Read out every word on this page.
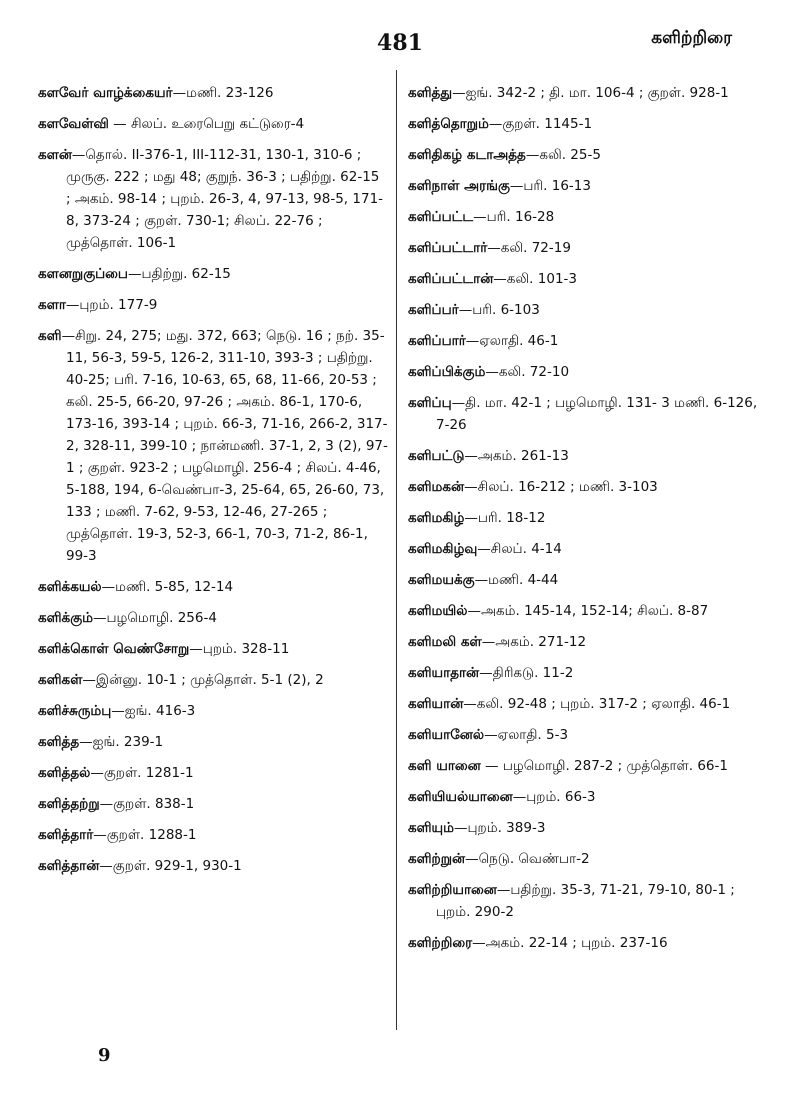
481	களிற்றிரை
களவேர் வாழ்க்கையர்—மணி. 23-126
களவேள்வி — சிலப். உரைபெறு கட்டுரை-4
களன்—தொல். II-376-1, III-112-31, 130-1, 310-6 ; முருகு. 222 ; மது 48; குறுந். 36-3 ; பதிற்று. 62-15 ; அகம். 98-14 ; புறம். 26-3, 4, 97-13, 98-5, 171-8, 373-24 ; குறள். 730-1; சிலப். 22-76 ; முத்தொள். 106-1
களனறுகுப்பை—பதிற்று. 62-15
களா—புறம். 177-9
களி—சிறு. 24, 275; மது. 372, 663; நெடு. 16 ; நற். 35-11, 56-3, 59-5, 126-2, 311-10, 393-3 ; பதிற்று. 40-25; பரி. 7-16, 10-63, 65, 68, 11-66, 20-53 ; கலி. 25-5, 66-20, 97-26 ; அகம். 86-1, 170-6, 173-16, 393-14 ; புறம். 66-3, 71-16, 266-2, 317-2, 328-11, 399-10 ; நான்மணி. 37-1, 2, 3 (2), 97-1 ; குறள். 923-2 ; பழமொழி. 256-4 ; சிலப். 4-46, 5-188, 194, 6-வெண்பா-3, 25-64, 65, 26-60, 73, 133 ; மணி. 7-62, 9-53, 12-46, 27-265 ; முத்தொள். 19-3, 52-3, 66-1, 70-3, 71-2, 86-1, 99-3
களிக்கயல்—மணி. 5-85, 12-14
களிக்கும்—பழமொழி. 256-4
களிக்கொள் வெண்சோறு—புறம். 328-11
களிகள்—இன்னு. 10-1 ; முத்தொள். 5-1 (2), 2
களிச்சுரும்பு—ஐங். 416-3
களித்த—ஐங். 239-1
களித்தல்—குறள். 1281-1
களித்தற்று—குறள். 838-1
களித்தார்—குறள். 1288-1
களித்தான்—குறள். 929-1, 930-1
களித்து—ஐங். 342-2 ; தி. மா. 106-4 ; குறள். 928-1
களித்தொறும்—குறள். 1145-1
களிதிகழ் கடாஅத்த—கலி. 25-5
களிநாள் அரங்கு—பரி. 16-13
களிப்பட்ட—பரி. 16-28
களிப்பட்டார்—கலி. 72-19
களிப்பட்டான்—கலி. 101-3
களிப்பர்—பரி. 6-103
களிப்பார்—ஏலாதி. 46-1
களிப்பிக்கும்—கலி. 72-10
களிப்பு—தி. மா. 42-1 ; பழமொழி. 131- 3 மணி. 6-126, 7-26
களிபட்டு—அகம். 261-13
களிமகன்—சிலப். 16-212 ; மணி. 3-103
களிமகிழ்—பரி. 18-12
களிமகிழ்வு—சிலப். 4-14
களிமயக்கு—மணி. 4-44
களிமயில்—அகம். 145-14, 152-14; சிலப். 8-87
களிமலி கள்—அகம். 271-12
களியாதான்—திரிகடு. 11-2
களியான்—கலி. 92-48 ; புறம். 317-2 ; ஏலாதி. 46-1
களியானேல்—ஏலாதி. 5-3
களி யானை — பழமொழி. 287-2 ; முத்தொள். 66-1
களியியல்யானை—புறம். 66-3
களியும்—புறம். 389-3
களிற்றுன்—நெடு. வெண்பா-2
களிற்றியானை—பதிற்று. 35-3, 71-21, 79-10, 80-1 ; புறம். 290-2
களிற்றிரை—அகம். 22-14 ; புறம். 237-16
9
